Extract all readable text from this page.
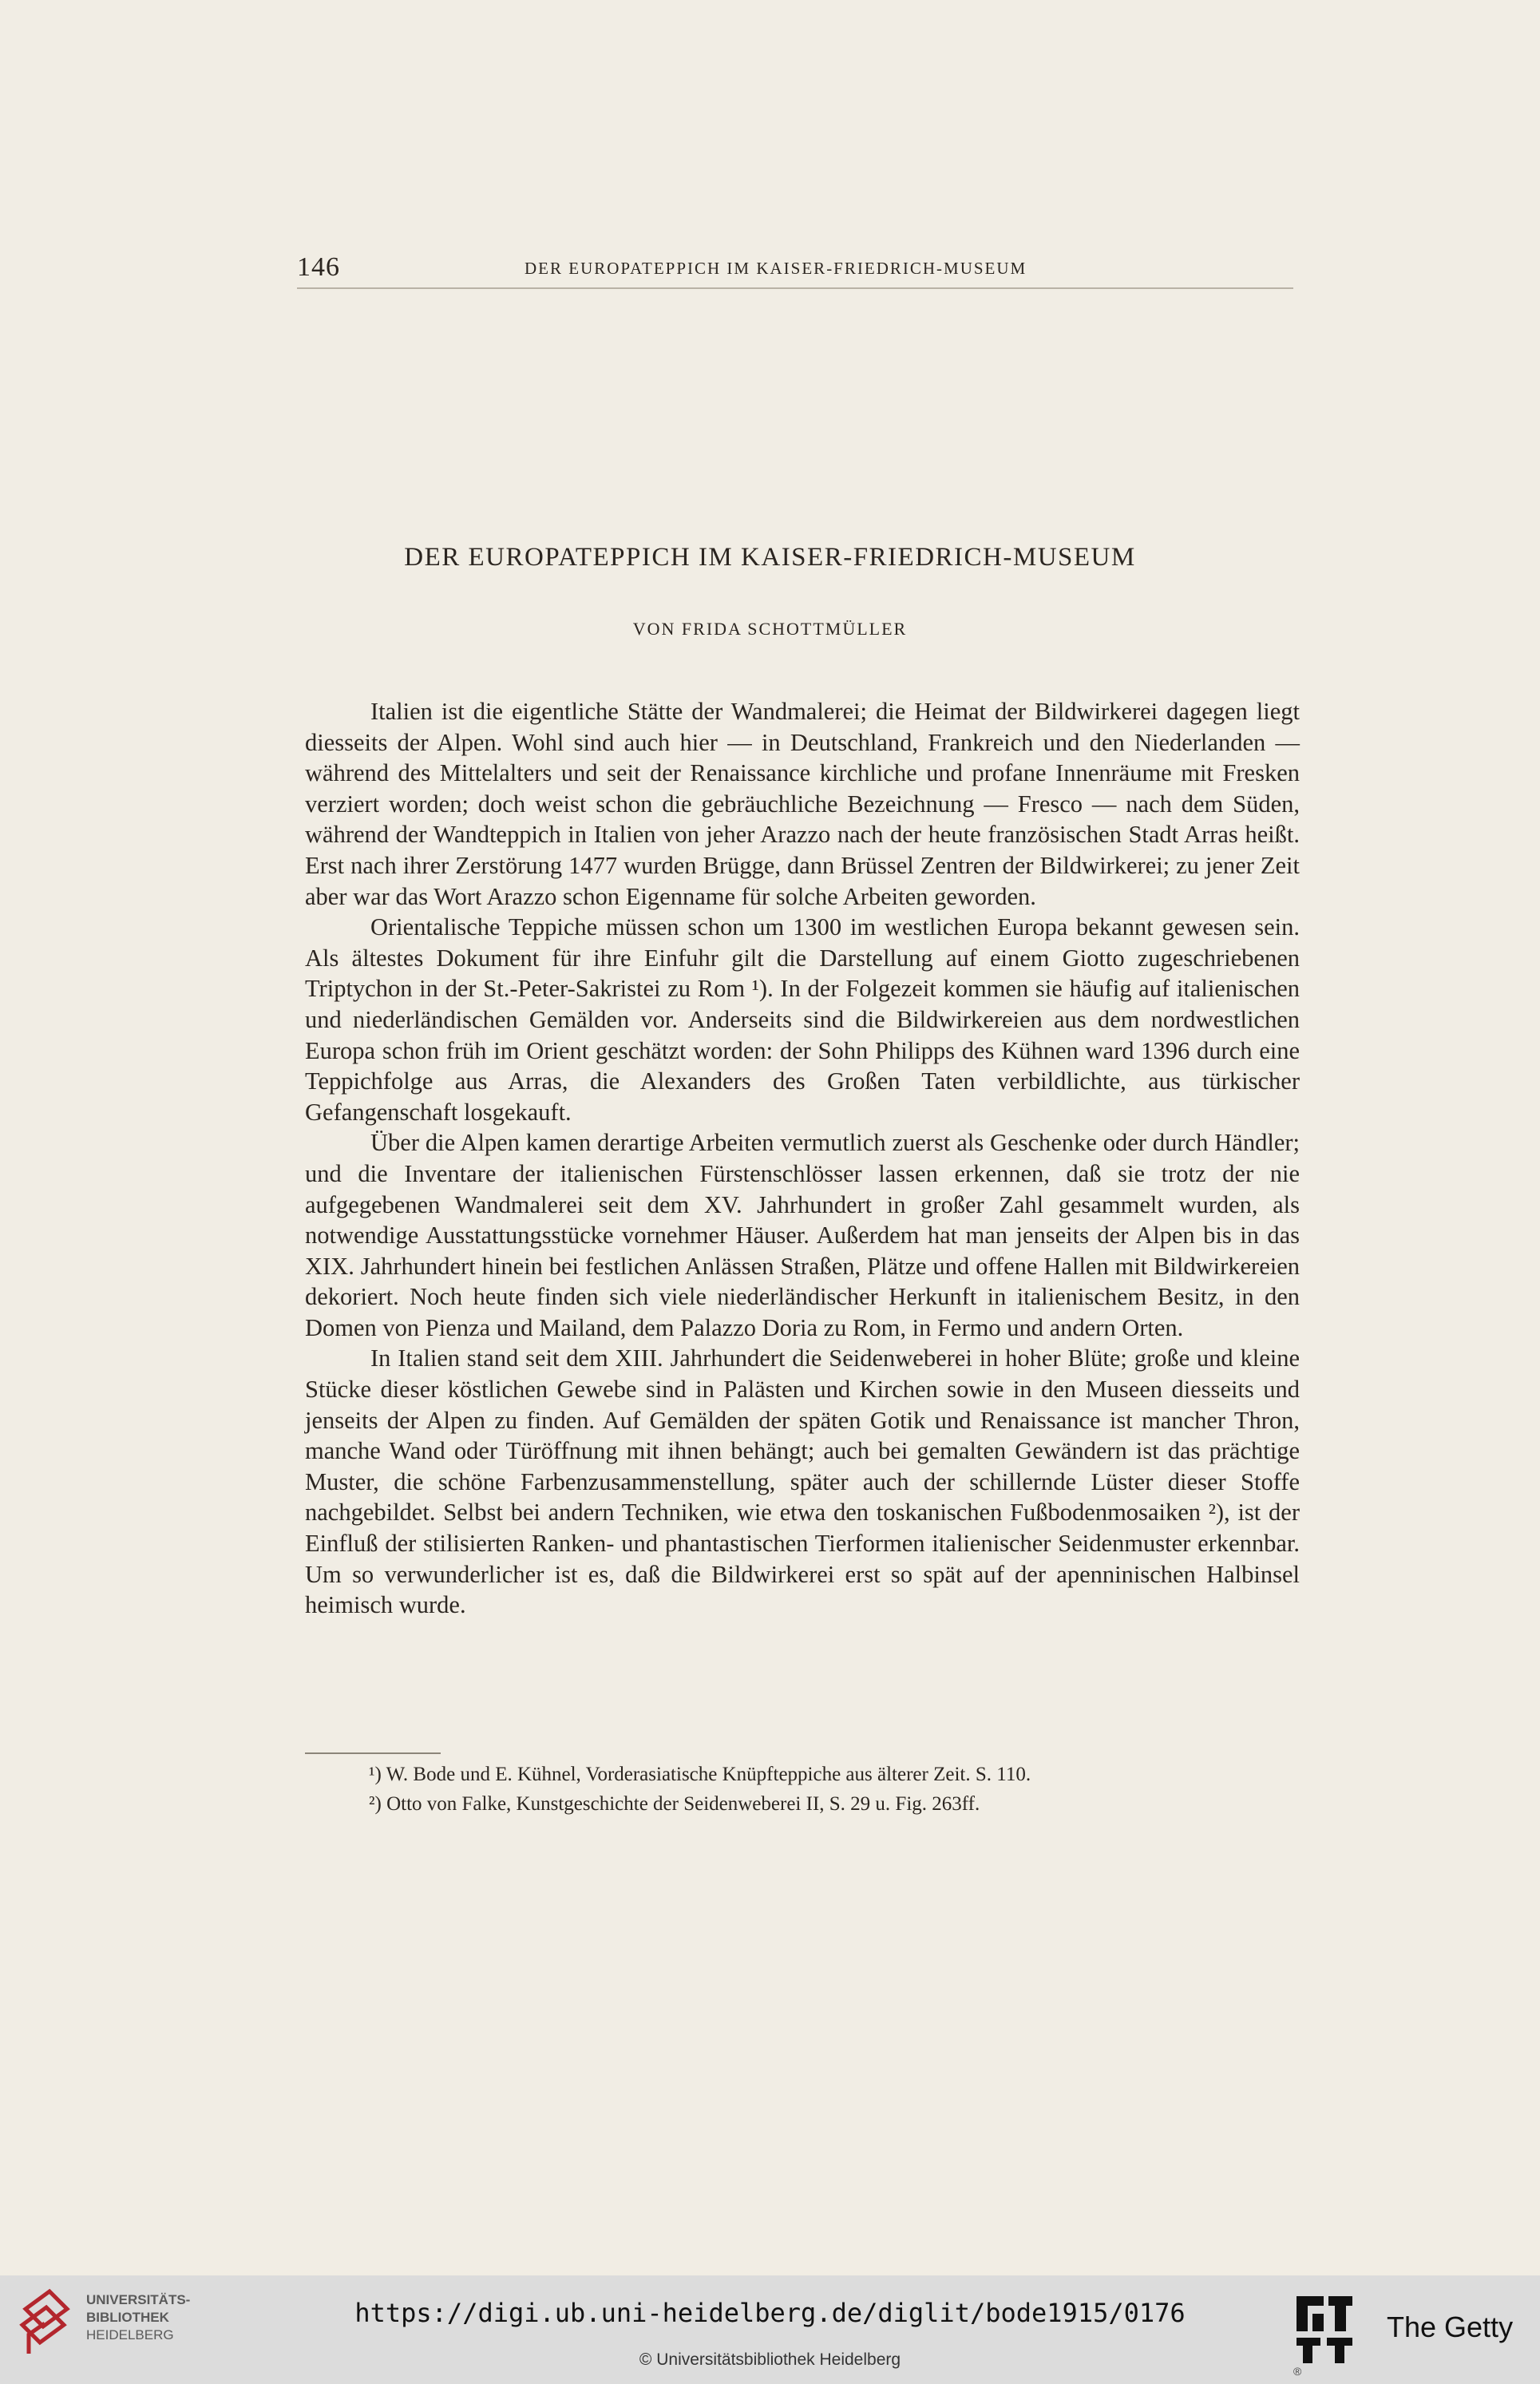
146	DER EUROPATEPPICH IM KAISER-FRIEDRICH-MUSEUM
DER EUROPATEPPICH IM KAISER-FRIEDRICH-MUSEUM
VON FRIDA SCHOTTMÜLLER

Italien ist die eigentliche Stätte der Wandmalerei; die Heimat der Bildwirkerei dagegen liegt diesseits der Alpen. Wohl sind auch hier — in Deutschland, Frankreich und den Niederlanden — während des Mittelalters und seit der Renaissance kirchliche und profane Innenräume mit Fresken verziert worden; doch weist schon die gebräuchliche Bezeichnung — Fresco — nach dem Süden, während der Wandteppich in Italien von jeher Arazzo nach der heute französischen Stadt Arras heißt. Erst nach ihrer Zerstörung 1477 wurden Brügge, dann Brüssel Zentren der Bildwirkerei; zu jener Zeit aber war das Wort Arazzo schon Eigenname für solche Arbeiten geworden.

Orientalische Teppiche müssen schon um 1300 im westlichen Europa bekannt gewesen sein. Als ältestes Dokument für ihre Einfuhr gilt die Darstellung auf einem Giotto zugeschriebenen Triptychon in der St.-Peter-Sakristei zu Rom ¹). In der Folgezeit kommen sie häufig auf italienischen und niederländischen Gemälden vor. Anderseits sind die Bildwirkereien aus dem nordwestlichen Europa schon früh im Orient geschätzt worden: der Sohn Philipps des Kühnen ward 1396 durch eine Teppichfolge aus Arras, die Alexanders des Großen Taten verbildlichte, aus türkischer Gefangenschaft losgekauft.

Über die Alpen kamen derartige Arbeiten vermutlich zuerst als Geschenke oder durch Händler; und die Inventare der italienischen Fürstenschlösser lassen erkennen, daß sie trotz der nie aufgegebenen Wandmalerei seit dem XV. Jahrhundert in großer Zahl gesammelt wurden, als notwendige Ausstattungsstücke vornehmer Häuser. Außerdem hat man jenseits der Alpen bis in das XIX. Jahrhundert hinein bei festlichen Anlässen Straßen, Plätze und offene Hallen mit Bildwirkereien dekoriert. Noch heute finden sich viele niederländischer Herkunft in italienischem Besitz, in den Domen von Pienza und Mailand, dem Palazzo Doria zu Rom, in Fermo und andern Orten.

In Italien stand seit dem XIII. Jahrhundert die Seidenweberei in hoher Blüte; große und kleine Stücke dieser köstlichen Gewebe sind in Palästen und Kirchen sowie in den Museen diesseits und jenseits der Alpen zu finden. Auf Gemälden der späten Gotik und Renaissance ist mancher Thron, manche Wand oder Türöffnung mit ihnen behängt; auch bei gemalten Gewändern ist das prächtige Muster, die schöne Farbenzusammenstellung, später auch der schillernde Lüster dieser Stoffe nachgebildet. Selbst bei andern Techniken, wie etwa den toskanischen Fußbodenmosaiken ²), ist der Einfluß der stilisierten Ranken- und phantastischen Tierformen italienischer Seidenmuster erkennbar. Um so verwunderlicher ist es, daß die Bildwirkerei erst so spät auf der apenninischen Halbinsel heimisch wurde.

¹) W. Bode und E. Kühnel, Vorderasiatische Knüpfteppiche aus älterer Zeit. S. 110.
²) Otto von Falke, Kunstgeschichte der Seidenweberei II, S. 29 u. Fig. 263ff.
UNIVERSITÄTS-
BIBLIOTHEK
HEIDELBERG
https://digi.ub.uni-heidelberg.de/diglit/bode1915/0176
© Universitätsbibliothek Heidelberg
The Getty
®
